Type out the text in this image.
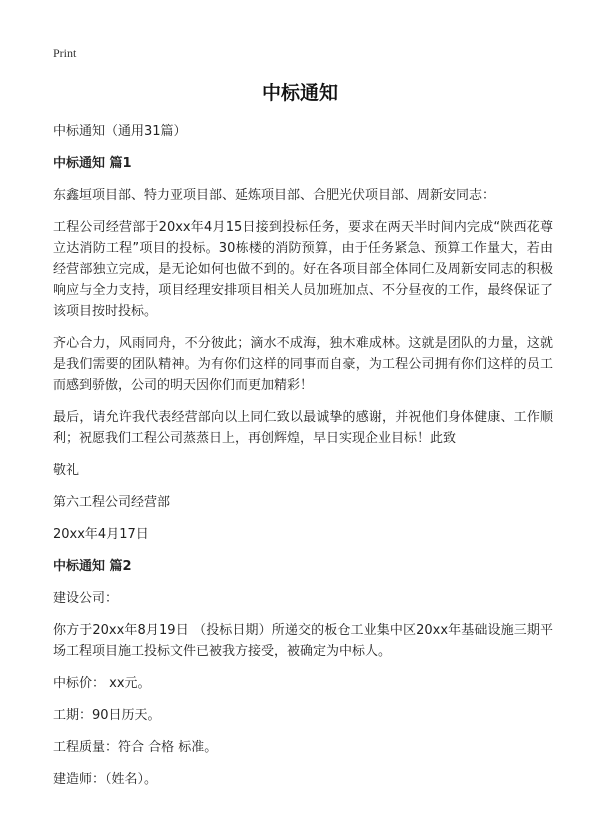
Print
中标通知

中标通知（通用31篇）

中标通知 篇1

东鑫垣项目部、特力亚项目部、延炼项目部、合肥光伏项目部、周新安同志：

工程公司经营部于20xx年4月15日接到投标任务，要求在两天半时间内完成“陕西花尊立达消防工程”项目的投标。30栋楼的消防预算，由于任务紧急、预算工作量大，若由经营部独立完成，是无论如何也做不到的。好在各项目部全体同仁及周新安同志的积极响应与全力支持，项目经理安排项目相关人员加班加点、不分昼夜的工作，最终保证了该项目按时投标。

齐心合力，风雨同舟，不分彼此；滴水不成海，独木难成林。这就是团队的力量，这就是我们需要的团队精神。为有你们这样的同事而自豪，为工程公司拥有你们这样的员工而感到骄傲，公司的明天因你们而更加精彩！

最后，请允许我代表经营部向以上同仁致以最诚挚的感谢，并祝他们身体健康、工作顺利；祝愿我们工程公司蒸蒸日上，再创辉煌，早日实现企业目标！此致

敬礼

第六工程公司经营部

20xx年4月17日

中标通知 篇2

建设公司：

你方于20xx年8月19日 （投标日期）所递交的板仓工业集中区20xx年基础设施三期平场工程项目施工投标文件已被我方接受，被确定为中标人。

中标价： xx元。

工期：90日历天。

工程质量：符合 合格 标准。

建造师：（姓名）。
